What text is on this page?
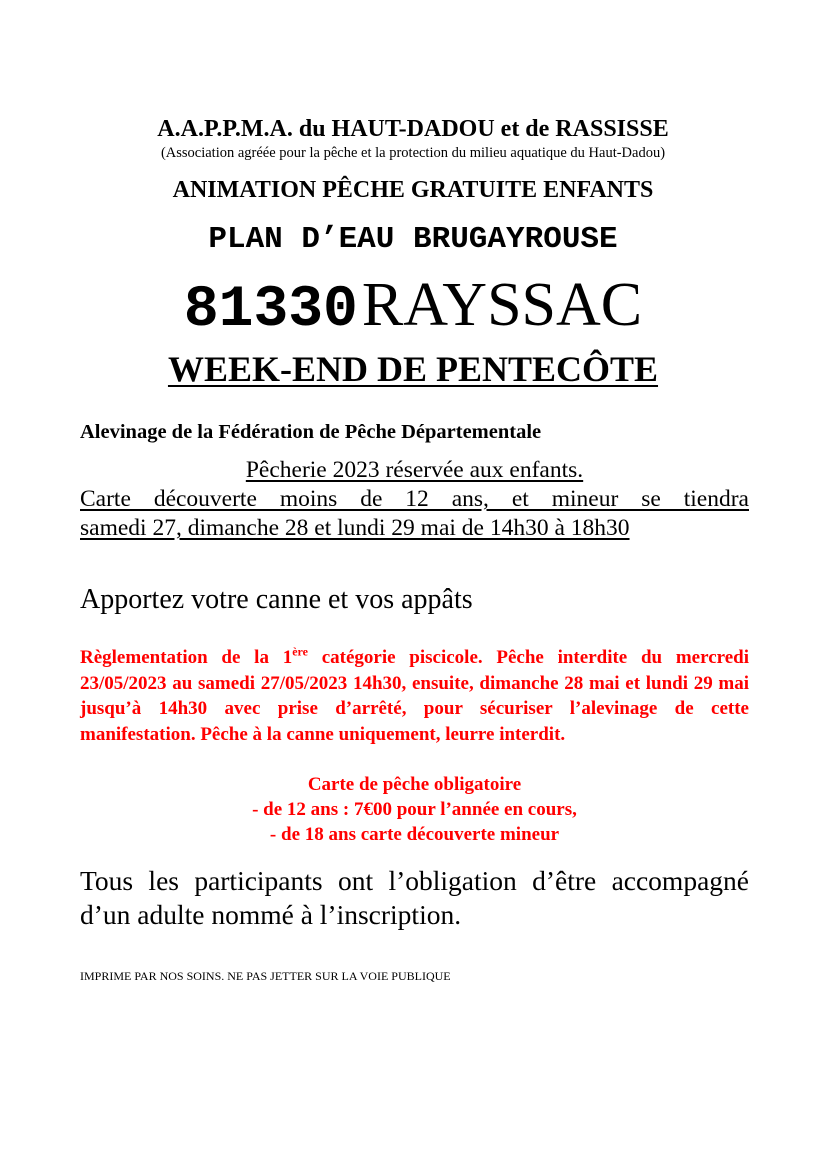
A.A.P.P.M.A. du HAUT-DADOU et de RASSISSE
(Association agréée pour la pêche et la protection du milieu aquatique du Haut-Dadou)
ANIMATION PÊCHE GRATUITE ENFANTS
PLAN D’EAU BRUGAYROUSE
81330 RAYSSAC
WEEK-END DE PENTECÔTE
Alevinage de la Fédération de Pêche Départementale
Pêcherie 2023 réservée aux enfants.
Carte découverte moins de 12 ans, et mineur se tiendra
samedi 27, dimanche 28 et lundi 29 mai de 14h30 à 18h30
Apportez votre canne et vos appâts
Règlementation de la 1ère catégorie piscicole. Pêche interdite du mercredi 23/05/2023 au samedi 27/05/2023 14h30, ensuite, dimanche 28 mai et lundi 29 mai jusqu’à 14h30 avec prise d’arrêté, pour sécuriser l’alevinage de cette manifestation. Pêche à la canne uniquement, leurre interdit.
Carte de pêche obligatoire
- de 12 ans : 7€00 pour l’année en cours,
- de 18 ans carte découverte mineur
Tous les participants ont l’obligation d’être accompagné d’un adulte nommé à l’inscription.
IMPRIME PAR NOS SOINS. NE PAS JETTER SUR LA VOIE PUBLIQUE
